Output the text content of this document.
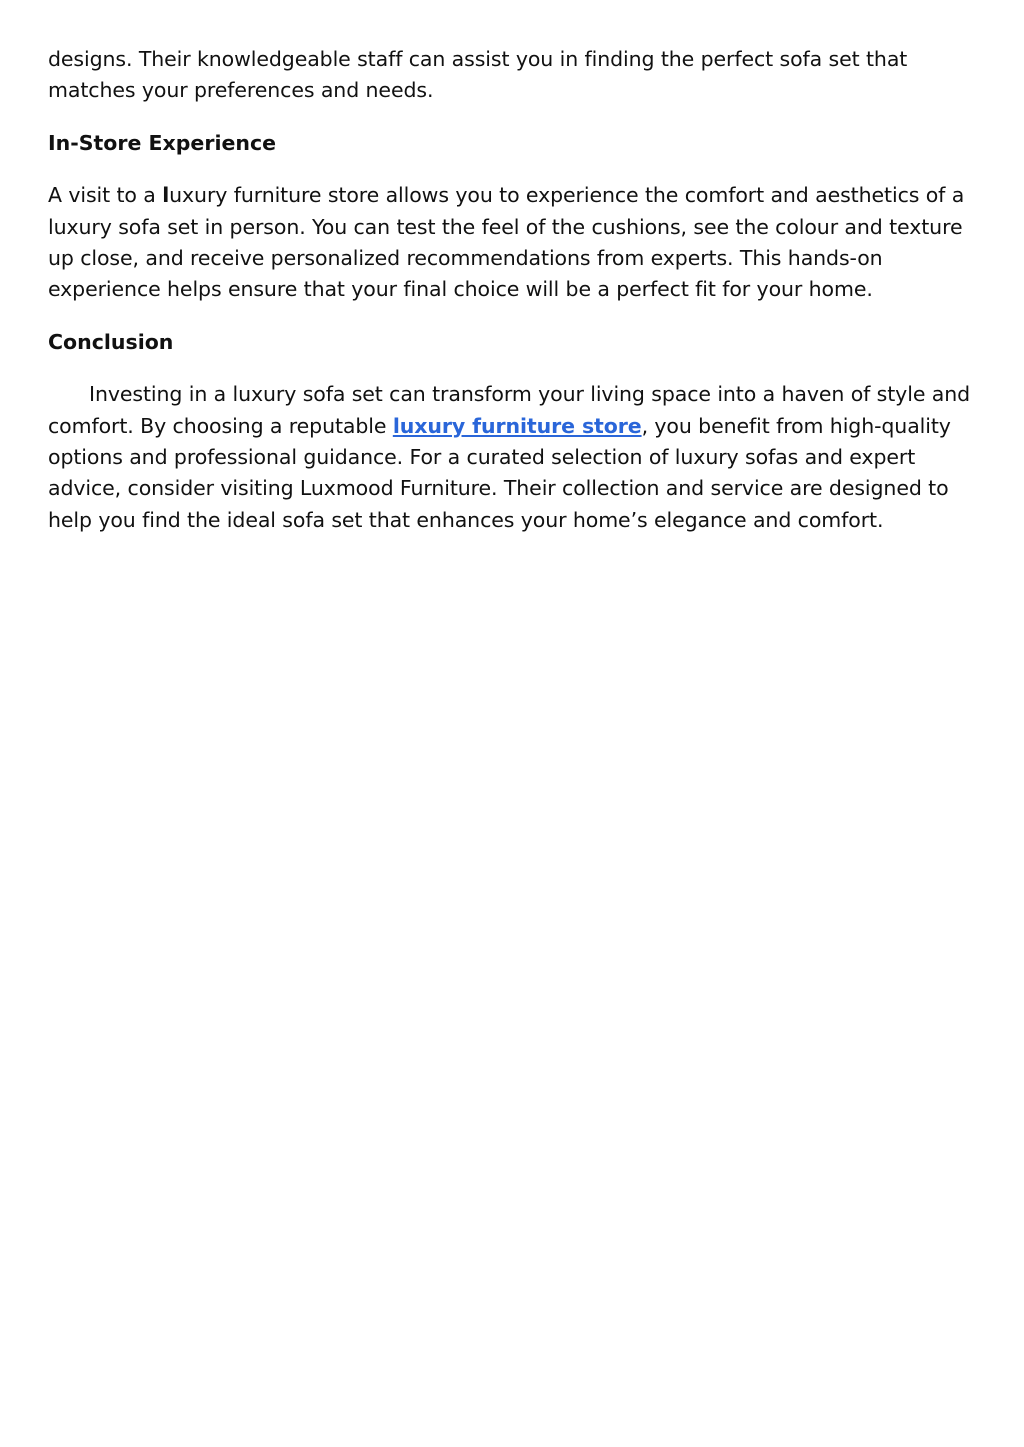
designs. Their knowledgeable staff can assist you in finding the perfect sofa set that matches your preferences and needs.

In-Store Experience

A visit to a luxury furniture store allows you to experience the comfort and aesthetics of a luxury sofa set in person. You can test the feel of the cushions, see the colour and texture up close, and receive personalized recommendations from experts. This hands-on experience helps ensure that your final choice will be a perfect fit for your home.

Conclusion

Investing in a luxury sofa set can transform your living space into a haven of style and comfort. By choosing a reputable luxury furniture store, you benefit from high-quality options and professional guidance. For a curated selection of luxury sofas and expert advice, consider visiting Luxmood Furniture. Their collection and service are designed to help you find the ideal sofa set that enhances your home’s elegance and comfort.
